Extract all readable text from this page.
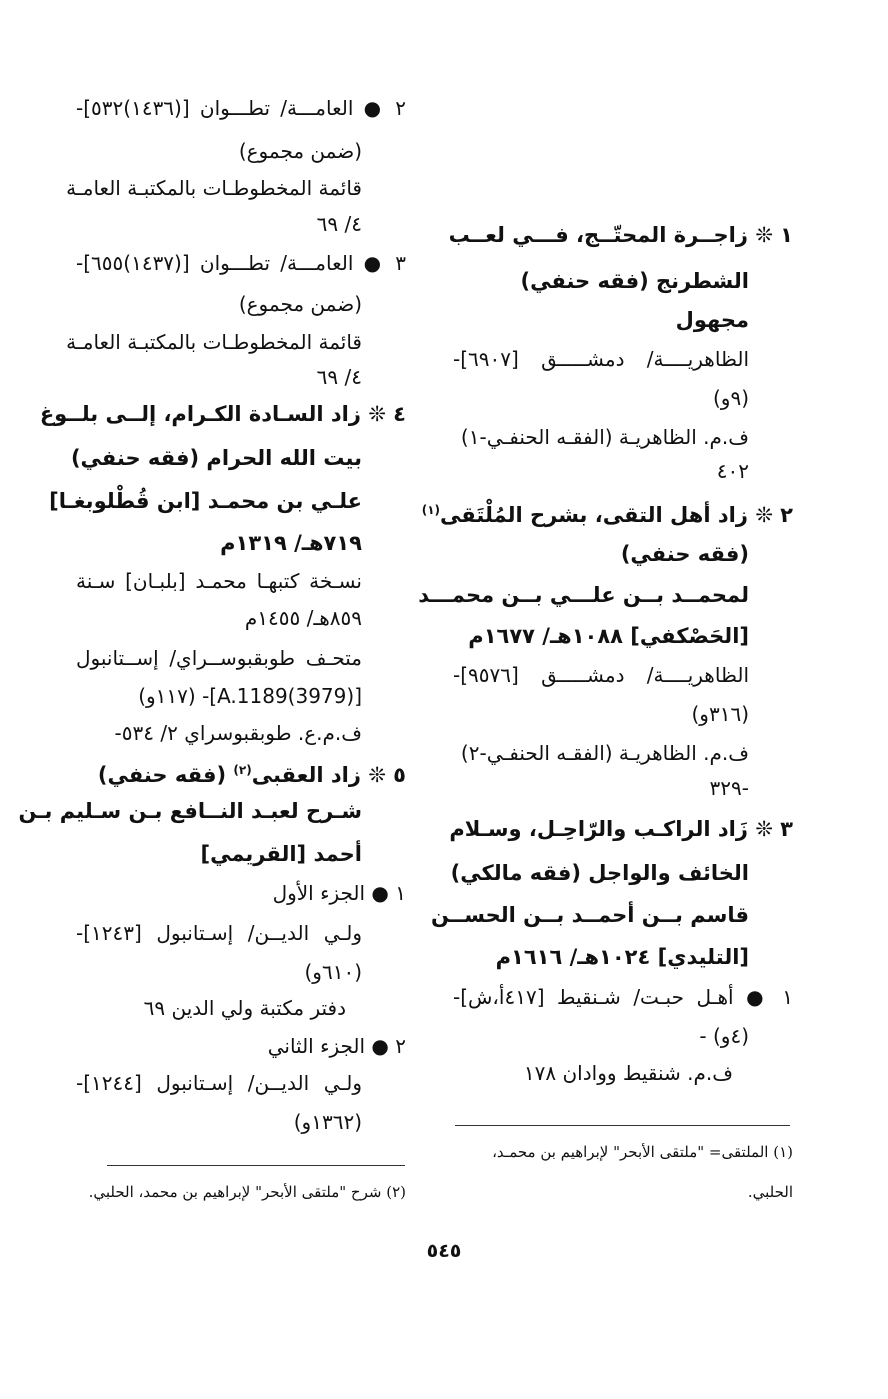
١ ❊ زاجــرة المحتّــج، فـــي لعــب
الشطرنج (فقه حنفي)
مجهول
الظاهريــــة/ دمشـــــق [٦٩٠٧]-
(٩و)
ف.م. الظاهريـة (الفقـه الحنفـي-١)
٤٠٢
٢ ❊ زاد أهل التقى، بشرح المُلْتَقى$^{(١)}$
(فقه حنفي)
لمحمــد بــن علـــي بــن محمـــد
[الحَصْكفي] ١٠٨٨هـ/ ١٦٧٧م
الظاهريــــة/ دمشـــــق [٩٥٧٦]-
(٣١٦و)
ف.م. الظاهريـة (الفقـه الحنفـي-٢)
-٣٢٩
٣ ❊ زَاد الراكـب والرّاحِـل، وسـلام
الخائف والواجل (فقه مالكي)
قاسم بــن أحمــد بــن الحســن
[التليدي] ١٠٢٤هـ/ ١٦١٦م
١ ● أهـل حبـت/ شـنقيط [٤١٧أ،ش]-
(٤و) -
ف.م. شنقيط ووادان ١٧٨
٢ ● العامـــة/ تطـــوان [(١٤٣٦)٥٣٢]-
(ضمن مجموع)
قائمة المخطوطـات بالمكتبـة العامـة
٤/ ٦٩
٣ ● العامـــة/ تطـــوان [(١٤٣٧)٦٥٥]-
(ضمن مجموع)
قائمة المخطوطـات بالمكتبـة العامـة
٤/ ٦٩
٤ ❊ زاد السـادة الكـرام، إلــى بلــوغ
بيت الله الحرام (فقه حنفي)
علـي بن محمـد [ابن قُطْلوبغـا]
٧١٩هـ/ ١٣١٩م
نسـخة كتبهـا محمـد [بلبـان] سـنة
٨٥٩هـ/ ١٤٥٥م
متحـف طوبقبوســراي/ إســتانبول
[A.1189(3979)]- (١١٧و)
ف.م.ع. طوبقبوسراي ٢/ ٥٣٤-
٥ ❊ زاد العقبى$^{(٢)}$ (فقه حنفي)
شـرح لعبـد النــافع بـن سـليم بـن
أحمد [القريمي]
١ ● الجزء الأول
ولـي الديــن/ إسـتانبول [١٢٤٣]-
(٦١٠و)
دفتر مكتبة ولي الدين ٦٩
٢ ● الجزء الثاني
ولـي الديــن/ إسـتانبول [١٢٤٤]-
(١٣٦٢و)
(١) الملتقى= "ملتقى الأبحر" لإبراهيم بن محمـد،
الحلبي.
(٢) شرح "ملتقى الأبحر" لإبراهيم بن محمد، الحلبي.
٥٤٥
